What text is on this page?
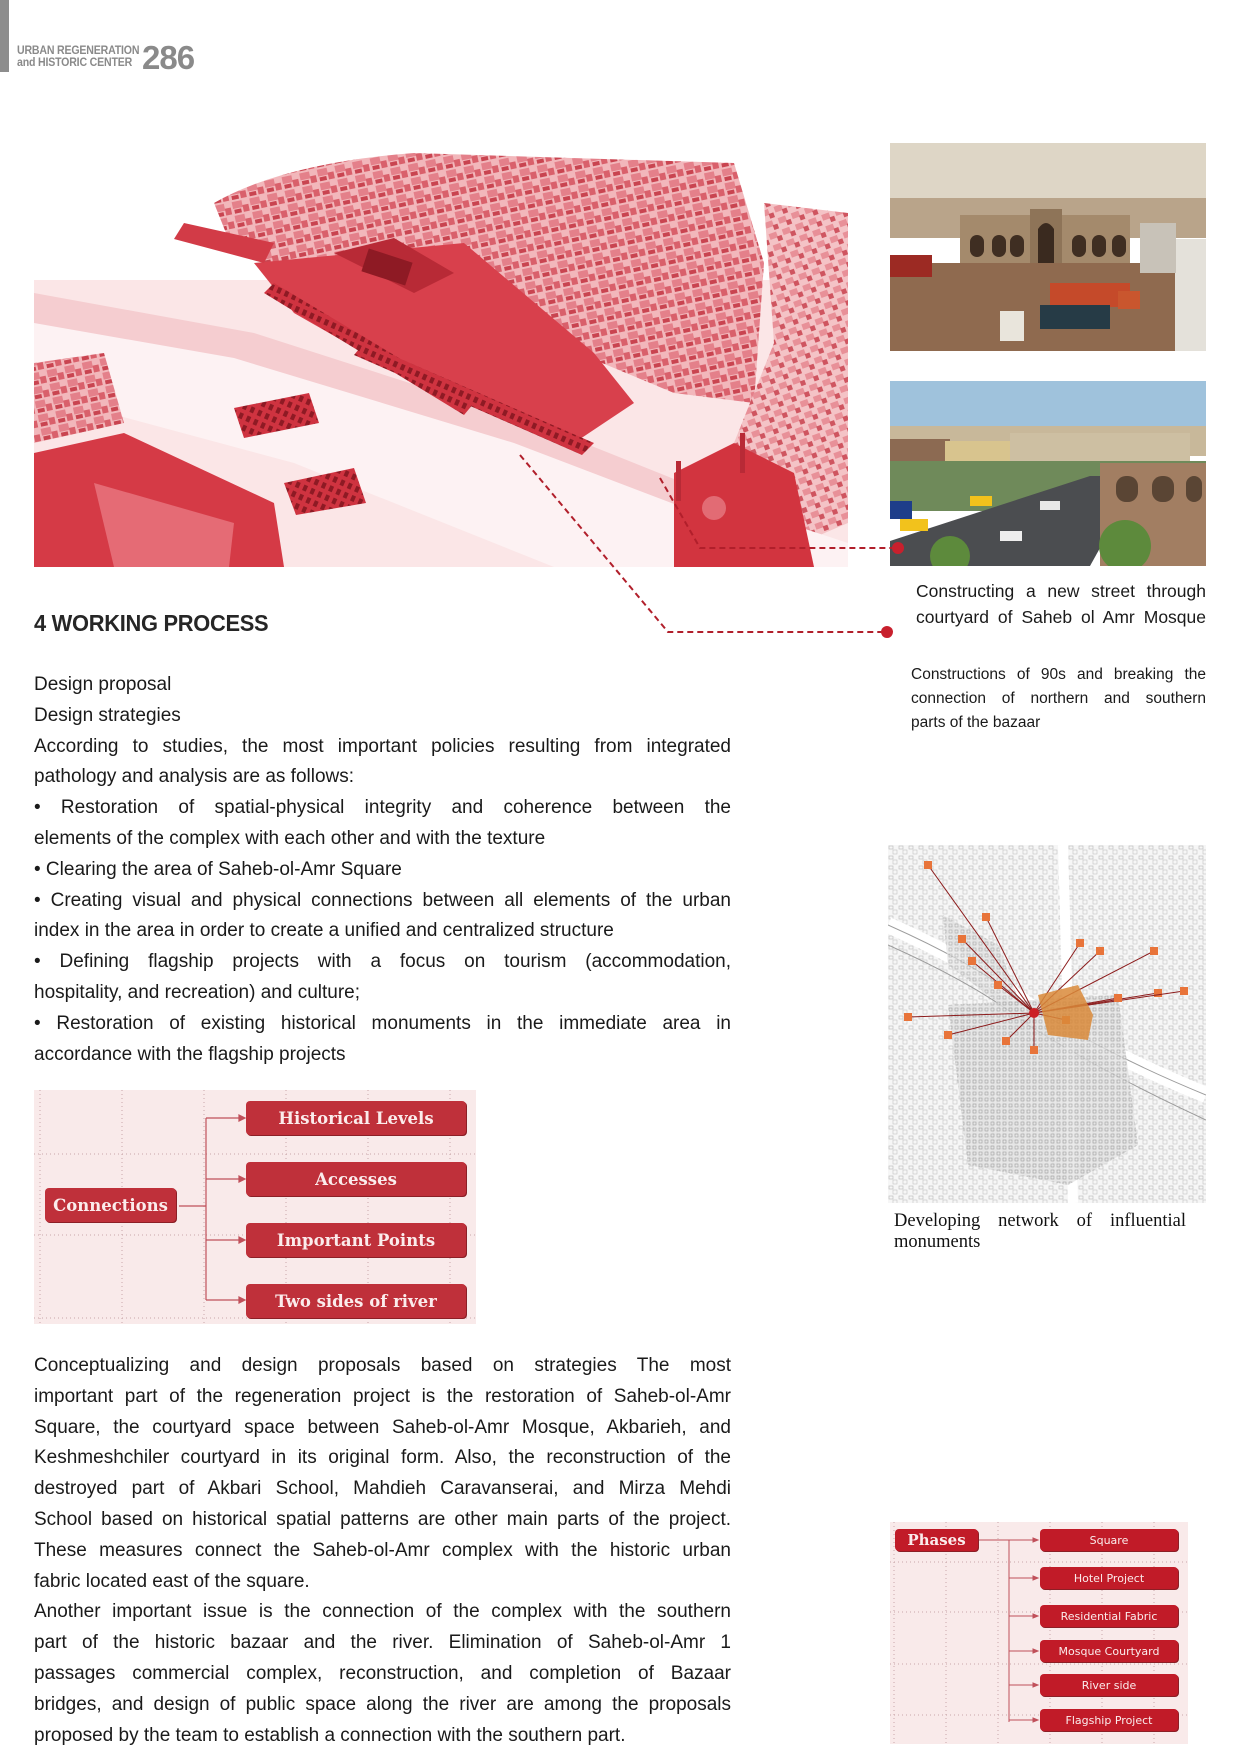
URBAN REGENERATION
and HISTORIC CENTER 286
Constructing a new street through
courtyard of Saheb ol Amr Mosque
Constructions of 90s and breaking the
connection of northern and southern
parts of the bazaar
4 WORKING PROCESS
Design proposal
Design strategies
According to studies, the most important policies resulting from integrated
pathology and analysis are as follows:
• Restoration of spatial-physical integrity and coherence between the
elements of the complex with each other and with the texture
• Clearing the area of Saheb-ol-Amr Square
• Creating visual and physical connections between all elements of the urban
index in the area in order to create a unified and centralized structure
• Defining flagship projects with a focus on tourism (accommodation,
hospitality, and recreation) and culture;
• Restoration of existing historical monuments in the immediate area in
accordance with the flagship projects
Connections
Historical Levels
Accesses
Important Points
Two sides of river
Conceptualizing and design proposals based on strategies The most
important part of the regeneration project is the restoration of Saheb-ol-Amr
Square, the courtyard space between Saheb-ol-Amr Mosque, Akbarieh, and
Keshmeshchiler courtyard in its original form. Also, the reconstruction of the
destroyed part of Akbari School, Mahdieh Caravanserai, and Mirza Mehdi
School based on historical spatial patterns are other main parts of the project.
These measures connect the Saheb-ol-Amr complex with the historic urban
fabric located east of the square.
Another important issue is the connection of the complex with the southern
part of the historic bazaar and the river. Elimination of Saheb-ol-Amr 1
passages commercial complex, reconstruction, and completion of Bazaar
bridges, and design of public space along the river are among the proposals
proposed by the team to establish a connection with the southern part.
Developing network of influential
monuments
Phases	Square
Hotel Project
Residential Fabric
Mosque Courtyard
River side
Flagship Project
